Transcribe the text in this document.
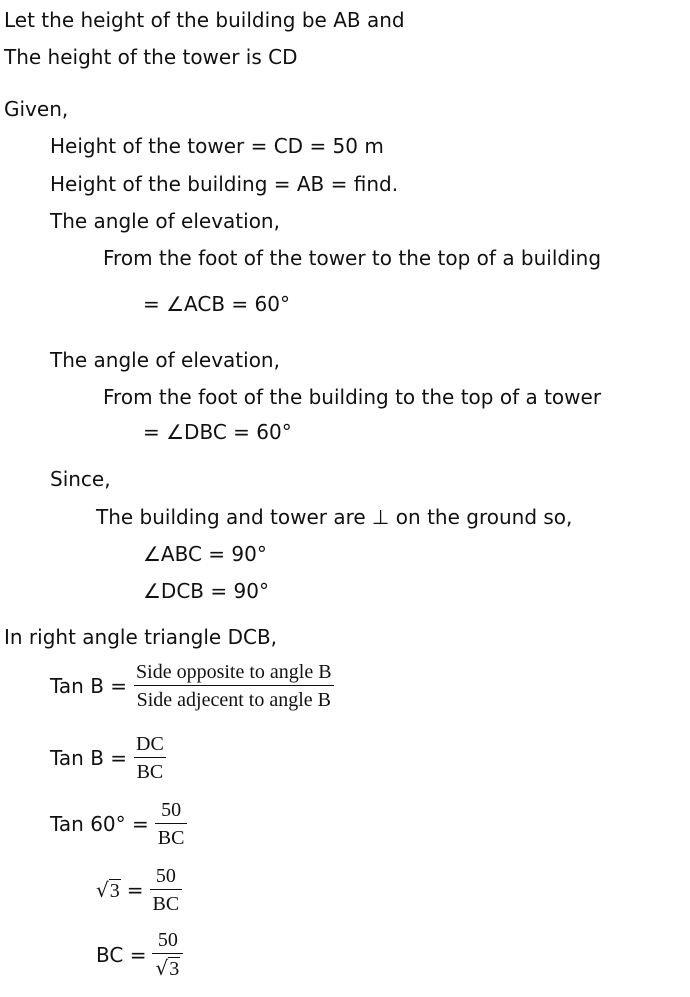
Let the height of the building be AB and
The height of the tower is CD
Given,
Height of the tower = CD = 50 m
Height of the building = AB = find.
The angle of elevation,
From the foot of the tower to the top of a building
= ∠ACB = 60°
The angle of elevation,
From the foot of the building to the top of a tower
= ∠DBC = 60°
Since,
The building and tower are ⊥ on the ground so,
∠ABC = 90°
∠DCB = 90°
In right angle triangle DCB,
Tan $B = \frac{\text{Side opposite to angle B}}{\text{Side adjecent to angle B}}$
Tan $B = \frac{DC}{BC}$
Tan $60^\circ = \frac{50}{BC}$
√ $3 = \frac{50}{BC}$
BC = $\frac{50}{√ 3}$
